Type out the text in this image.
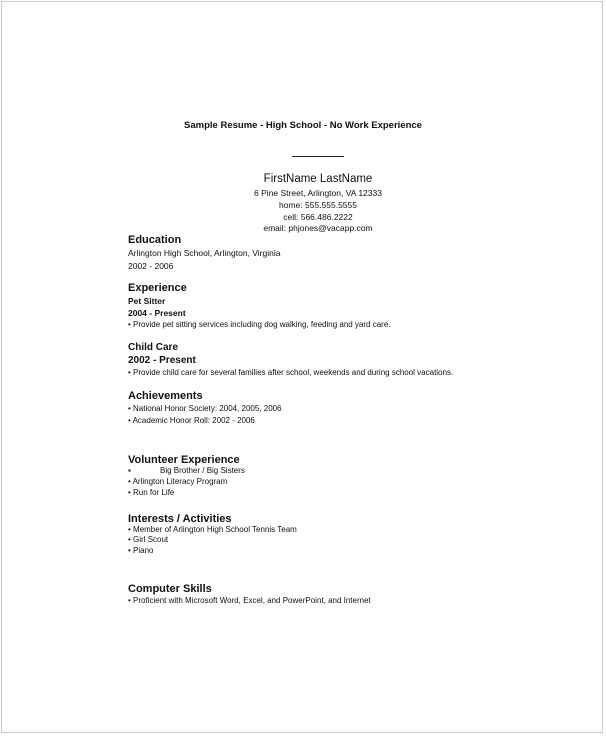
Sample Resume - High School - No Work Experience
FirstName LastName
6 Pine Street, Arlington, VA 12333
home: 555.555.5555
cell: 566.486.2222
email: phjones@vacapp.com
Education
Arlington High School, Arlington, Virginia
2002 - 2006
Experience
Pet Sitter
2004 - Present
• Provide pet sitting services including dog walking, feeding and yard care.
Child Care
2002 - Present
• Provide child care for several families after school, weekends and during school vacations.
Achievements
• National Honor Society: 2004, 2005, 2006
• Academic Honor Roll: 2002 - 2006
Volunteer Experience
▪	Big Brother / Big Sisters
• Arlington Literacy Program
• Run for Life
Interests / Activities
• Member of Arlington High School Tennis Team
• Girl Scout
• Piano
Computer Skills
• Proficient with Microsoft Word, Excel, and PowerPoint, and Internet
